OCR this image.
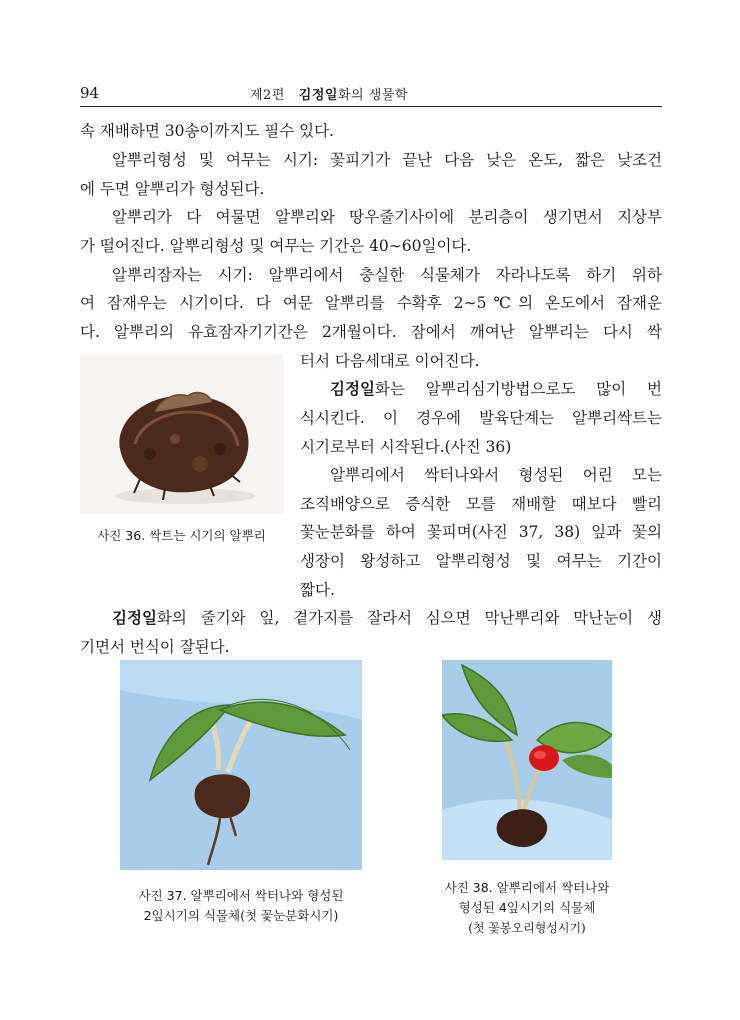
94	제2편 김정일화의 생물학
속 재배하면 30송이까지도 필수 있다.
알뿌리형성 및 여무는 시기: 꽃피기가 끝난 다음 낮은 온도, 짧은 낮조건
에 두면 알뿌리가 형성된다.
알뿌리가 다 여물면 알뿌리와 땅우줄기사이에 분리층이 생기면서 지상부
가 떨어진다. 알뿌리형성 및 여무는 기간은 40∼60일이다.
알뿌리잠자는 시기: 알뿌리에서 충실한 식물체가 자라나도록 하기 위하
여 잠재우는 시기이다. 다 여문 알뿌리를 수확후 2∼5℃의 온도에서 잠재운
다. 알뿌리의 유효잠자기기간은 2개월이다. 잠에서 깨여난 알뿌리는 다시 싹
터서 다음세대로 이어진다.
김정일화는 알뿌리심기방법으로도 많이 번
식시킨다. 이 경우에 발육단계는 알뿌리싹트는
시기로부터 시작된다.(사진 36)
알뿌리에서 싹터나와서 형성된 어린 모는
조직배양으로 증식한 모를 재배할 때보다 빨리
꽃눈분화를 하여 꽃피며(사진 37, 38) 잎과 꽃의
생장이 왕성하고 알뿌리형성 및 여무는 기간이
짧다.
김정일화의 줄기와 잎, 곁가지를 잘라서 심으면 막난뿌리와 막난눈이 생
기면서 번식이 잘된다.
사진 36. 싹트는 시기의 알뿌리
사진 37. 알뿌리에서 싹터나와 형성된
2잎시기의 식물체(첫 꽃눈분화시기)
사진 38. 알뿌리에서 싹터나와
형성된 4잎시기의 식물체
(첫 꽃봉오리형성시기)
